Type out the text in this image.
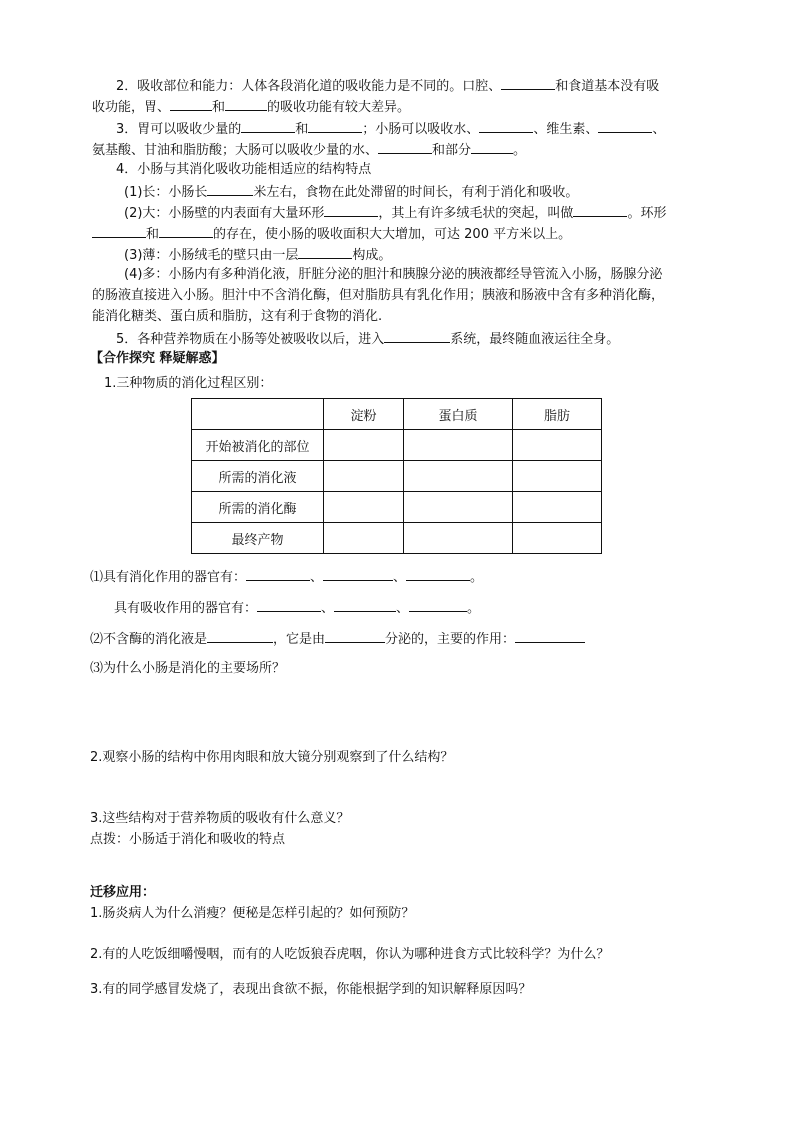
2．吸收部位和能力：人体各段消化道的吸收能力是不同的。口腔、	和食道基本没有吸
收功能，胃、	和	的吸收功能有较大差异。
3．胃可以吸收少量的	和	；小肠可以吸收水、	、维生素、	、
氨基酸、甘油和脂肪酸；大肠可以吸收少量的水、	和部分	。
4．小肠与其消化吸收功能相适应的结构特点
(1)长：小肠长	米左右，食物在此处滞留的时间长，有利于消化和吸收。
(2)大：小肠壁的内表面有大量环形	，其上有许多绒毛状的突起，叫做	。环形
和	的存在，使小肠的吸收面积大大增加，可达 200 平方米以上。
(3)薄：小肠绒毛的壁只由一层	构成。
(4)多：小肠内有多种消化液，肝脏分泌的胆汁和胰腺分泌的胰液都经导管流入小肠，肠腺分泌
的肠液直接进入小肠。胆汁中不含消化酶，但对脂肪具有乳化作用；胰液和肠液中含有多种消化酶，
能消化糖类、蛋白质和脂肪，这有利于食物的消化.
5．各种营养物质在小肠等处被吸收以后，进入	系统，最终随血液运往全身。
【合作探究 释疑解惑】
1.三种物质的消化过程区别：
	淀粉	蛋白质	脂肪
开始被消化的部位			
所需的消化液			
所需的消化酶			
最终产物			
⑴具有消化作用的器官有：	、	、	。
具有吸收作用的器官有：	、	、	。
⑵不含酶的消化液是	，它是由	分泌的，主要的作用：
⑶为什么小肠是消化的主要场所？
2.观察小肠的结构中你用肉眼和放大镜分别观察到了什么结构？
3.这些结构对于营养物质的吸收有什么意义？
点拨：小肠适于消化和吸收的特点
迁移应用：
1.肠炎病人为什么消瘦？便秘是怎样引起的？如何预防？
2.有的人吃饭细嚼慢咽，而有的人吃饭狼吞虎咽，你认为哪种进食方式比较科学？为什么？
3.有的同学感冒发烧了，表现出食欲不振，你能根据学到的知识解释原因吗？
